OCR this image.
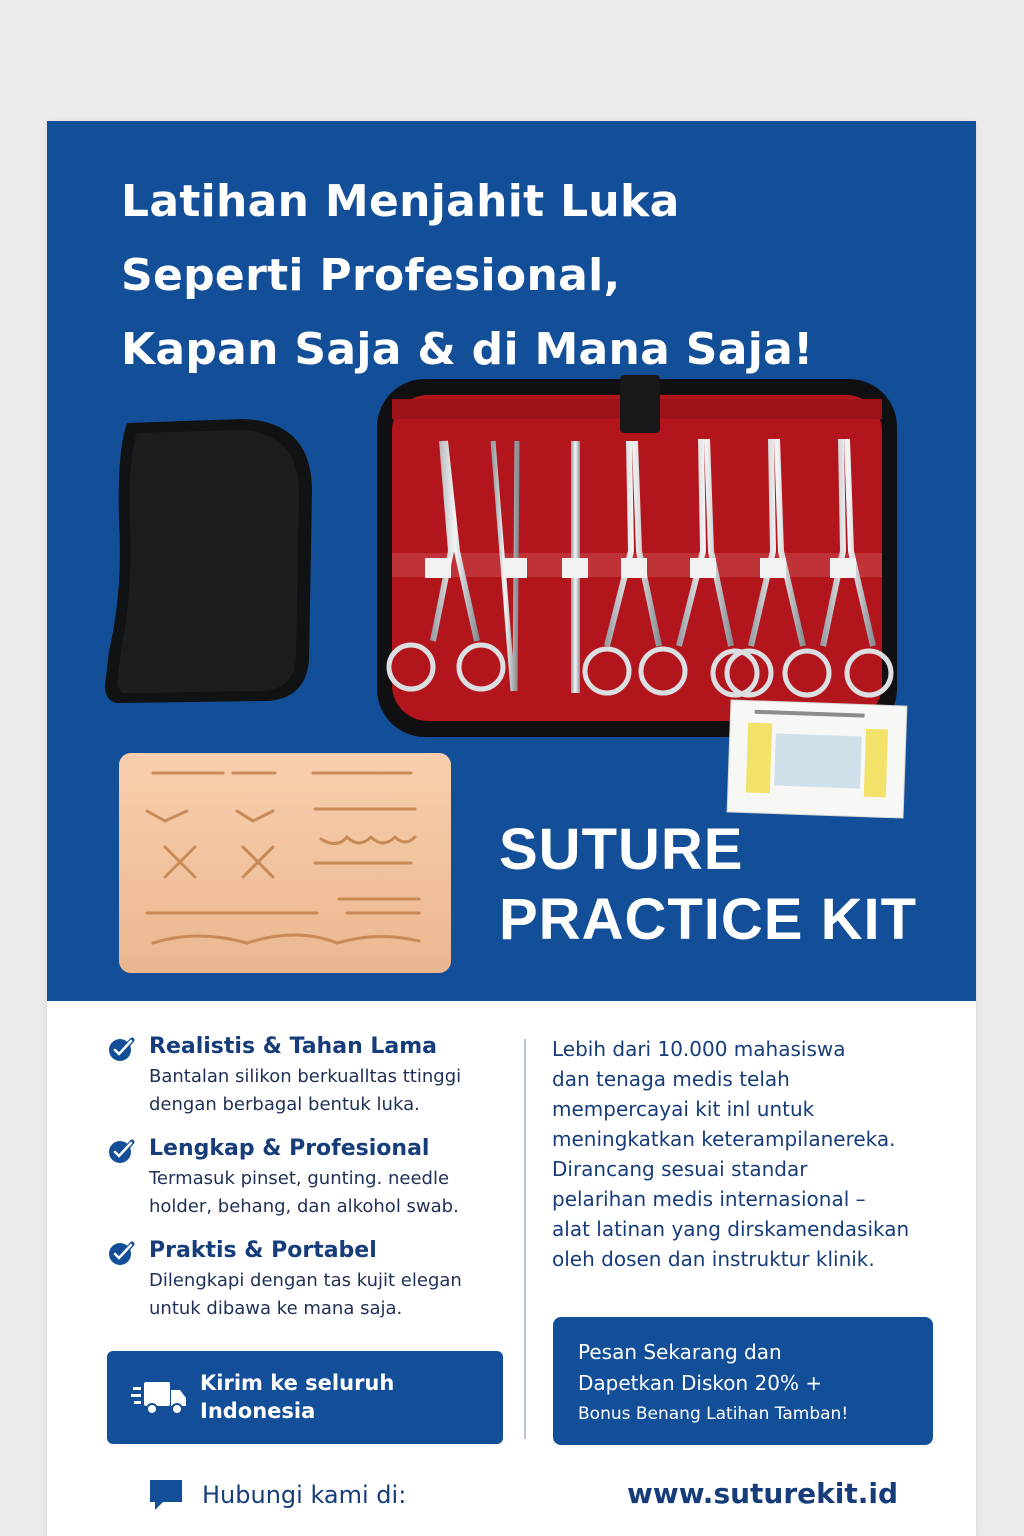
Latihan Menjahit Luka
Seperti Profesional,
Kapan Saja & di Mana Saja!
SUTURE
PRACTICE KIT
Realistis & Tahan Lama
Bantalan silikon berkualltas ttinggi
dengan berbagal bentuk luka.
Lengkap & Profesional
Termasuk pinset, gunting. needle
holder, behang, dan alkohol swab.
Praktis & Portabel
Dilengkapi dengan tas kujit elegan
untuk dibawa ke mana saja.

Lebih dari 10.000 mahasiswa

dan tenaga medis telah
mempercayai kit inl untuk
meningkatkan keterampilanereka.

Dirancang sesuai standar

pelarihan medis internasional –
alat latinan yang dirskamendasikan
oleh dosen dan instruktur klinik.
Kirim ke seluruh
Indonesia
Pesan Sekarang dan
Dapetkan Diskon 20% +
Bonus Benang Latihan Tamban!
Hubungi kami di:	www.suturekit.id
